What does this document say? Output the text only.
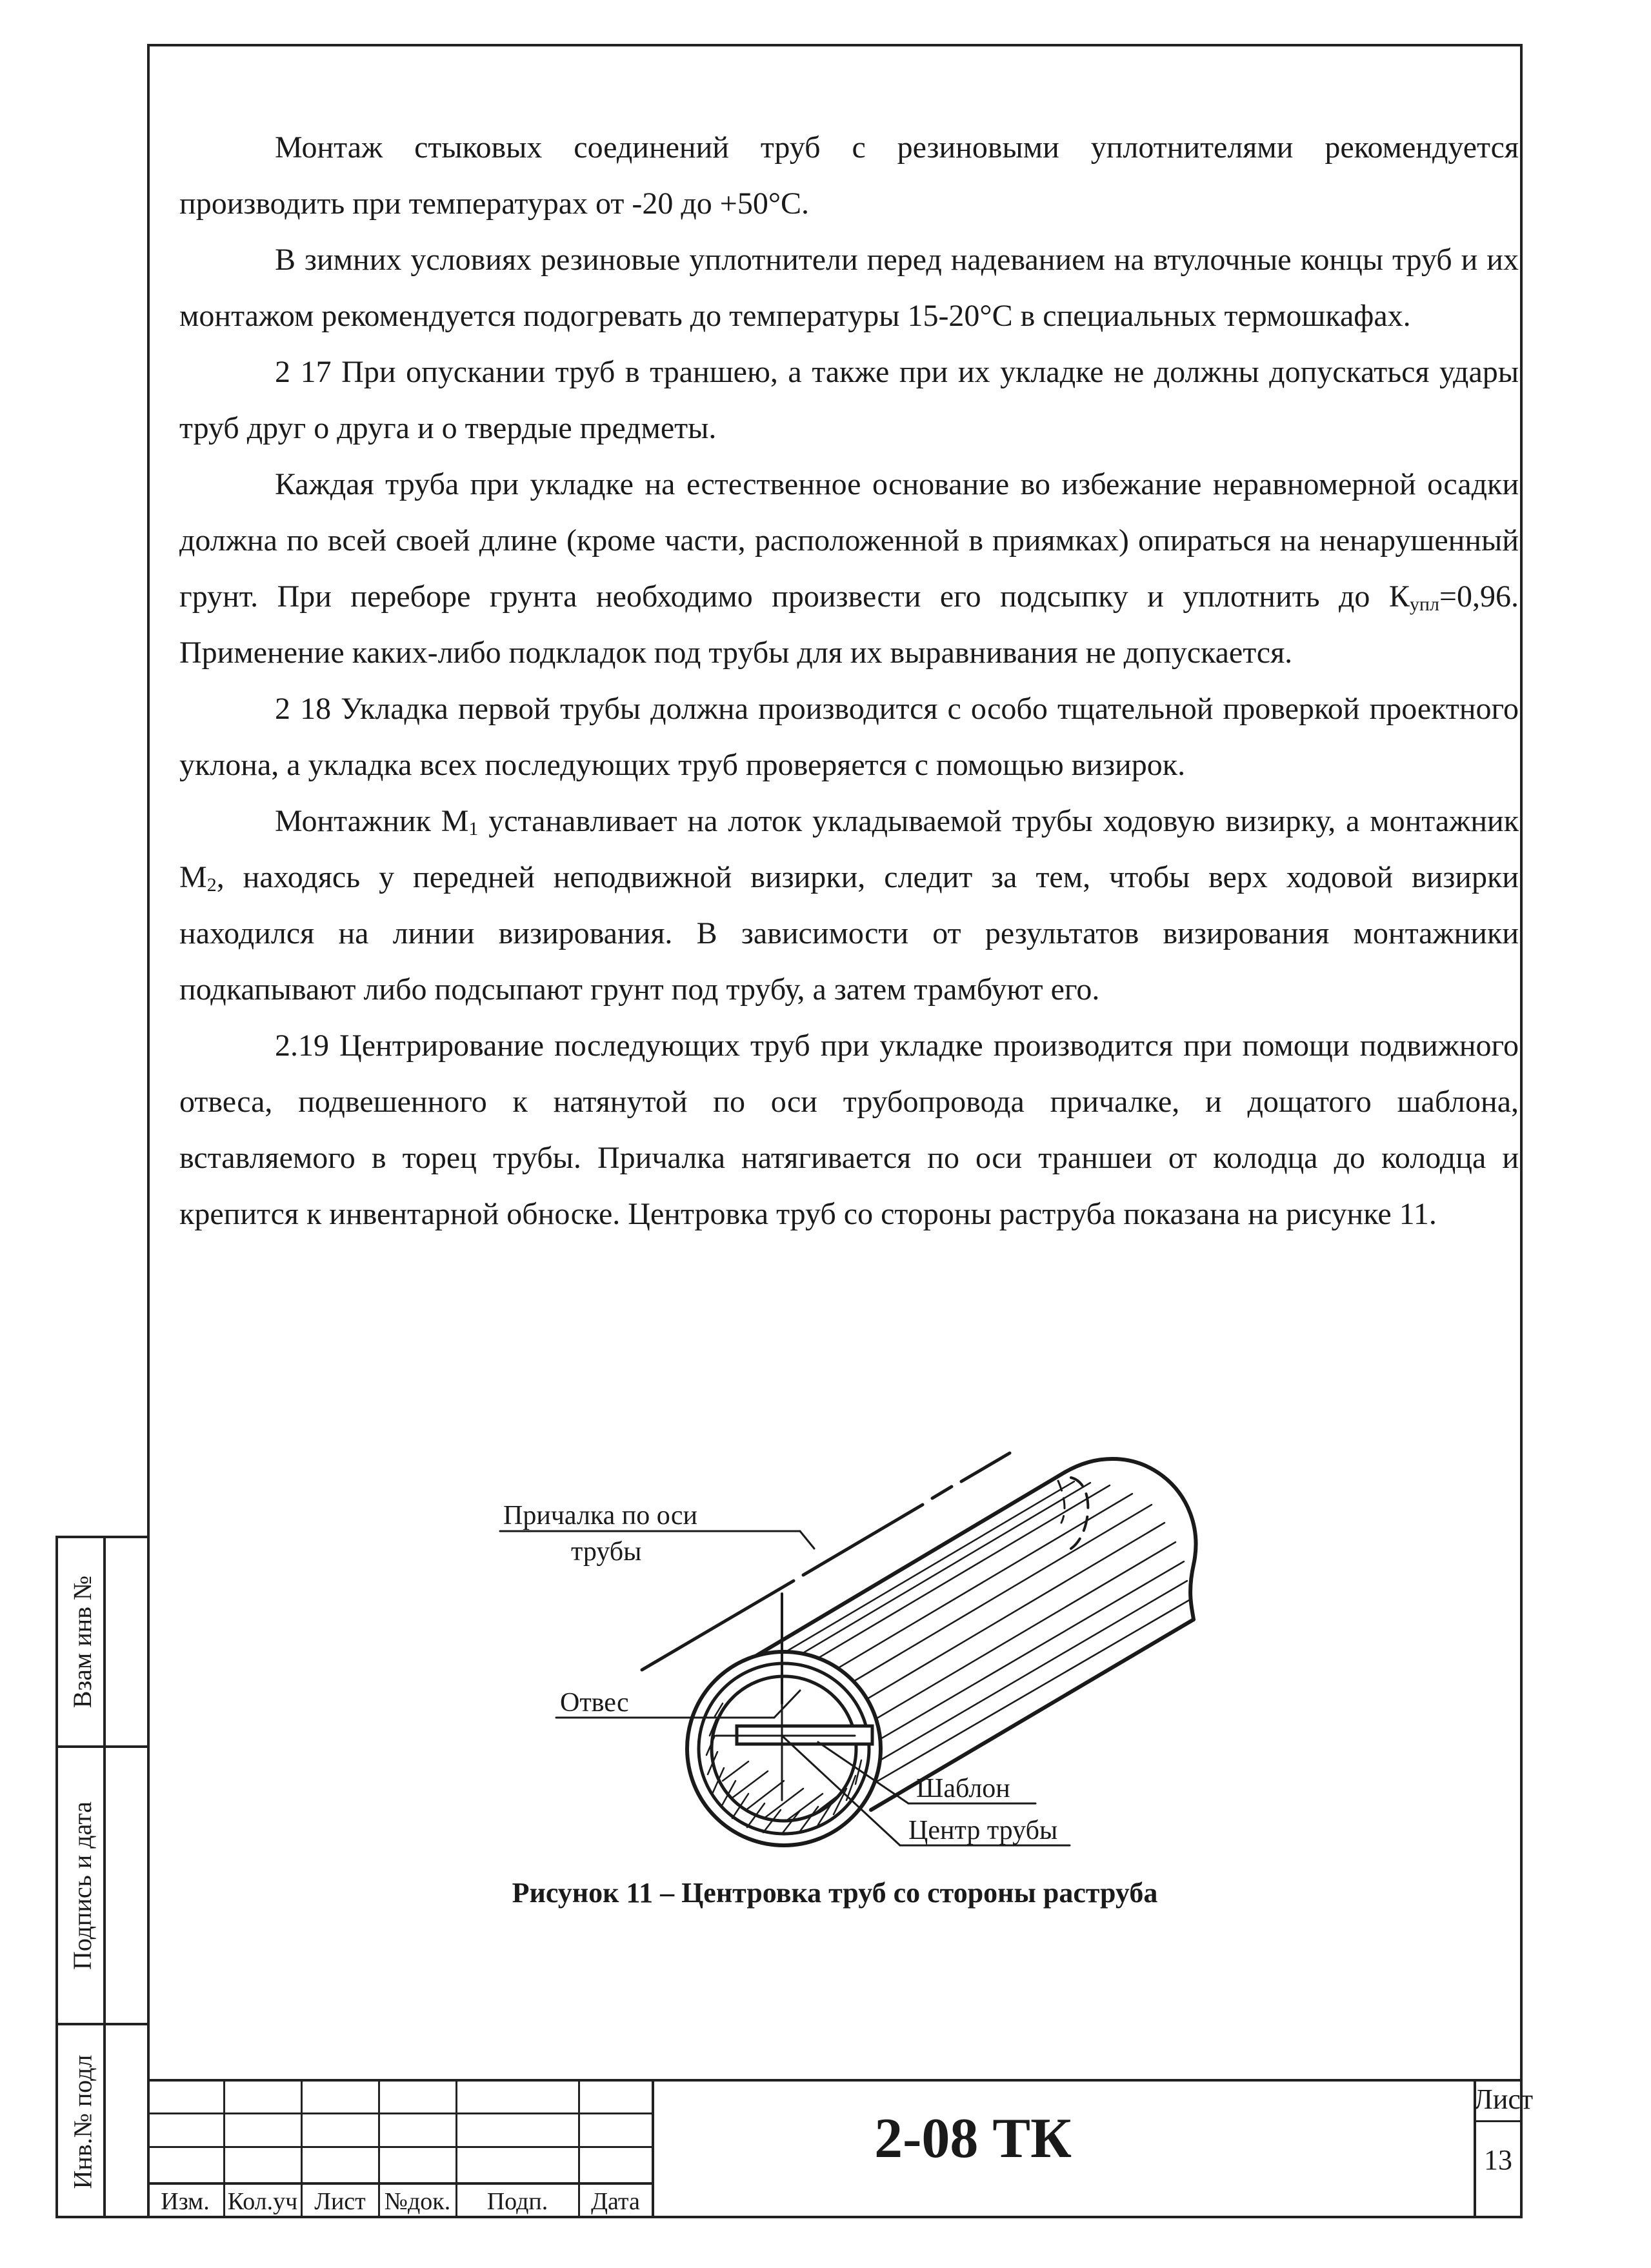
Монтаж стыковых соединений труб с резиновыми уплотнителями рекомендуется производить при температурах от -20 до +50°С.

В зимних условиях резиновые уплотнители перед надеванием на втулочные концы труб и их монтажом рекомендуется подогревать до температуры 15-20°С в специальных термошкафах.

2 17 При опускании труб в траншею, а также при их укладке не должны допускаться удары труб друг о друга и о твердые предметы.

Каждая труба при укладке на естественное основание во избежание неравномерной осадки должна по всей своей длине (кроме части, расположенной в приямках) опираться на ненарушенный грунт. При переборе грунта необходимо произвести его подсыпку и уплотнить до $К_{упл}=0,96$. Применение каких-либо подкладок под трубы для их выравнивания не допускается.

2 18 Укладка первой трубы должна производится с особо тщательной проверкой проектного уклона, а укладка всех последующих труб проверяется с помощью визирок.

Монтажник $М_1$ устанавливает на лоток укладываемой трубы ходовую визирку, а монтажник $М_2$, находясь у передней неподвижной визирки, следит за тем, чтобы верх ходовой визирки находился на линии визирования. В зависимости от результатов визирования монтажники подкапывают либо подсыпают грунт под трубу, а затем трамбуют его.

2.19 Центрирование последующих труб при укладке производится при помощи подвижного отвеса, подвешенного к натянутой по оси трубопровода причалке, и дощатого шаблона, вставляемого в торец трубы. Причалка натягивается по оси траншеи от колодца до колодца и крепится к инвентарной обноске. Центровка труб со стороны раструба показана на рисунке 11.

Причалка по оси
трубы
Отвес
Шаблон
Центр трубы
Рисунок 11 – Центровка труб со стороны раструба
Взам инв №
Подпись и дата
Инв.№ подл
Изм. Кол.уч Лист №док.	Подп.	Дата
2-08 ТК
Лист
13
